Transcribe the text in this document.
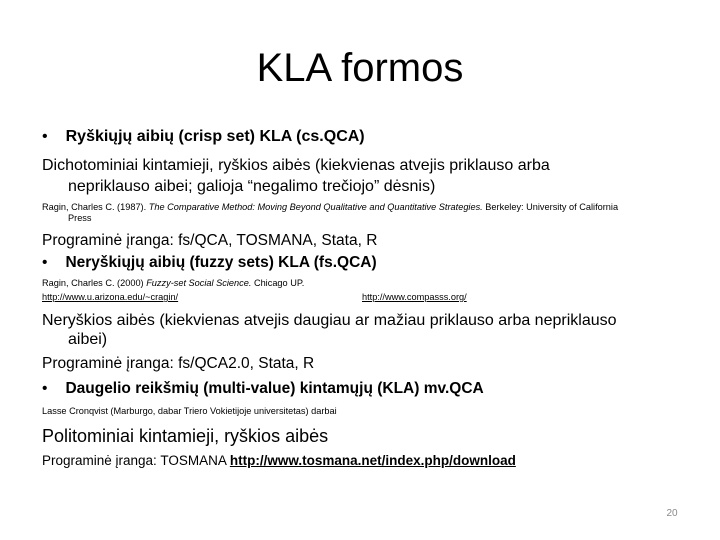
KLA formos
• Ryškiųjų aibių (crisp set) KLA (cs.QCA)
Dichotominiai kintamieji, ryškios aibės (kiekvienas atvejis priklauso arba
nepriklauso aibei; galioja “negalimo trečiojo” dėsnis)
Ragin, Charles C. (1987). The Comparative Method: Moving Beyond Qualitative and Quantitative Strategies. Berkeley: University of California
Press
Programinė įranga: fs/QCA, TOSMANA, Stata, R
• Neryškiųjų aibių (fuzzy sets) KLA (fs.QCA)
Ragin, Charles C. (2000) Fuzzy-set Social Science. Chicago UP.
http://www.u.arizona.edu/~cragin/	http://www.compasss.org/
Neryškios aibės (kiekvienas atvejis daugiau ar mažiau priklauso arba nepriklauso
aibei)
Programinė įranga: fs/QCA2.0, Stata, R
• Daugelio reikšmių (multi-value) kintamųjų (KLA) mv.QCA
Lasse Cronqvist (Marburgo, dabar Triero Vokietijoje universitetas) darbai
Politominiai kintamieji, ryškios aibės
Programinė įranga: TOSMANA http://www.tosmana.net/index.php/download
20
